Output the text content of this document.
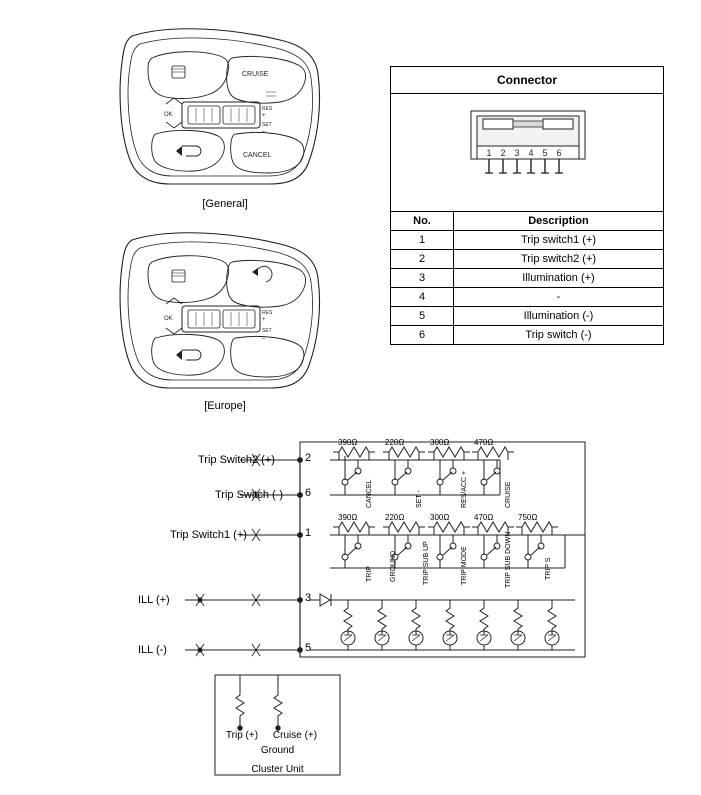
CRUISE
RES
+
SET
–
OK
CANCEL
[General]
RES
+
SET
–
OK
[Europe]
Connector	

1 2 3 4 5 6

No.	Description
1	Trip switch1 (+)
2	Trip switch2 (+)
3	Illumination (+)
4	-
5	Illumination (-)
6	Trip switch (-)
Trip Switch2 (+)	2
Trip Switch (-) 6
Trip Switch1 (+)	1
ILL (+)	3
ILL (-)	5
390Ω	220Ω	300Ω	470Ω
CANCEL	SET -	RES/ACC +	CRUISE
390Ω	220Ω	300Ω	470Ω	750Ω
TRIP GROUND	TRIP SUB UP	TRIP MODE	TRIP SUB DOWN	TRIP S
Trip (+)	Cruise (+)
Ground
Cluster Unit
